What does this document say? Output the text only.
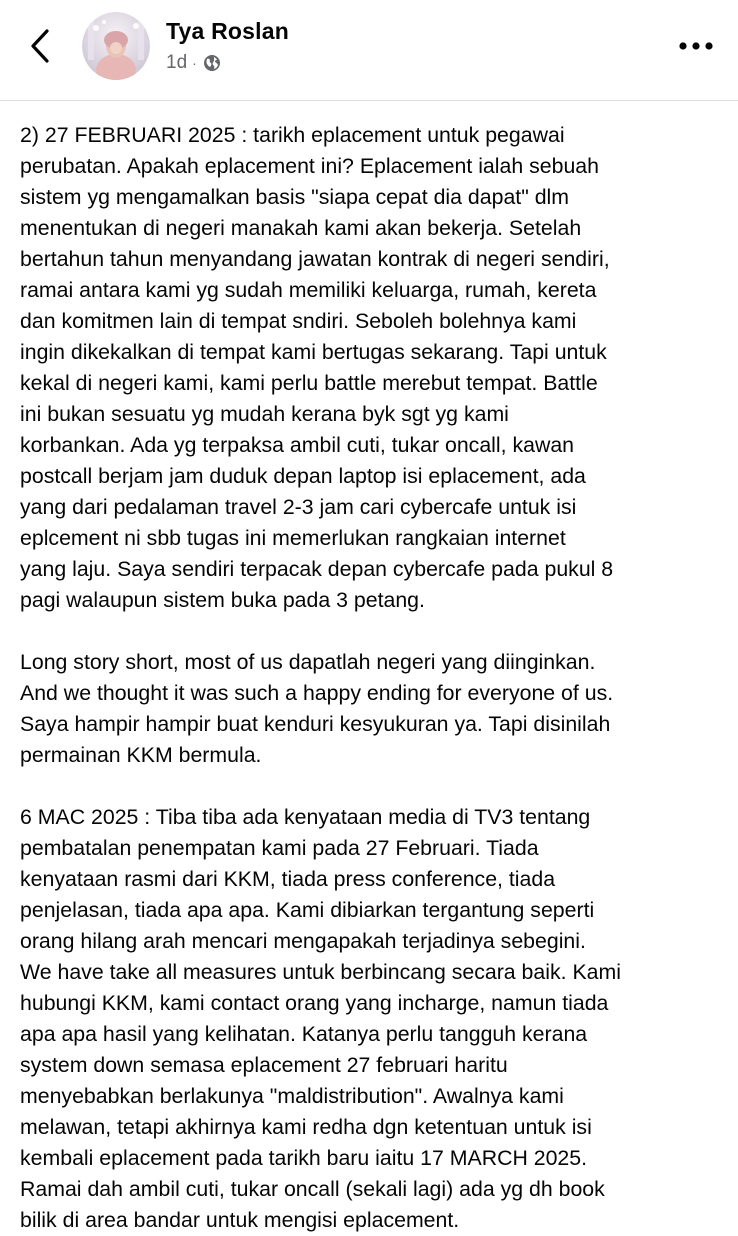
Tya Roslan
1d ·
2) 27 FEBRUARI 2025 : tarikh eplacement untuk pegawai
perubatan. Apakah eplacement ini? Eplacement ialah sebuah
sistem yg mengamalkan basis "siapa cepat dia dapat" dlm
menentukan di negeri manakah kami akan bekerja. Setelah
bertahun tahun menyandang jawatan kontrak di negeri sendiri,
ramai antara kami yg sudah memiliki keluarga, rumah, kereta
dan komitmen lain di tempat sndiri. Seboleh bolehnya kami
ingin dikekalkan di tempat kami bertugas sekarang. Tapi untuk
kekal di negeri kami, kami perlu battle merebut tempat. Battle
ini bukan sesuatu yg mudah kerana byk sgt yg kami
korbankan. Ada yg terpaksa ambil cuti, tukar oncall, kawan
postcall berjam jam duduk depan laptop isi eplacement, ada
yang dari pedalaman travel 2-3 jam cari cybercafe untuk isi
eplcement ni sbb tugas ini memerlukan rangkaian internet
yang laju. Saya sendiri terpacak depan cybercafe pada pukul 8
pagi walaupun sistem buka pada 3 petang.
Long story short, most of us dapatlah negeri yang diinginkan.
And we thought it was such a happy ending for everyone of us.
Saya hampir hampir buat kenduri kesyukuran ya. Tapi disinilah
permainan KKM bermula.
6 MAC 2025 : Tiba tiba ada kenyataan media di TV3 tentang
pembatalan penempatan kami pada 27 Februari. Tiada
kenyataan rasmi dari KKM, tiada press conference, tiada
penjelasan, tiada apa apa. Kami dibiarkan tergantung seperti
orang hilang arah mencari mengapakah terjadinya sebegini.
We have take all measures untuk berbincang secara baik. Kami
hubungi KKM, kami contact orang yang incharge, namun tiada
apa apa hasil yang kelihatan. Katanya perlu tangguh kerana
system down semasa eplacement 27 februari haritu
menyebabkan berlakunya "maldistribution". Awalnya kami
melawan, tetapi akhirnya kami redha dgn ketentuan untuk isi
kembali eplacement pada tarikh baru iaitu 17 MARCH 2025.
Ramai dah ambil cuti, tukar oncall (sekali lagi) ada yg dh book
bilik di area bandar untuk mengisi eplacement.
